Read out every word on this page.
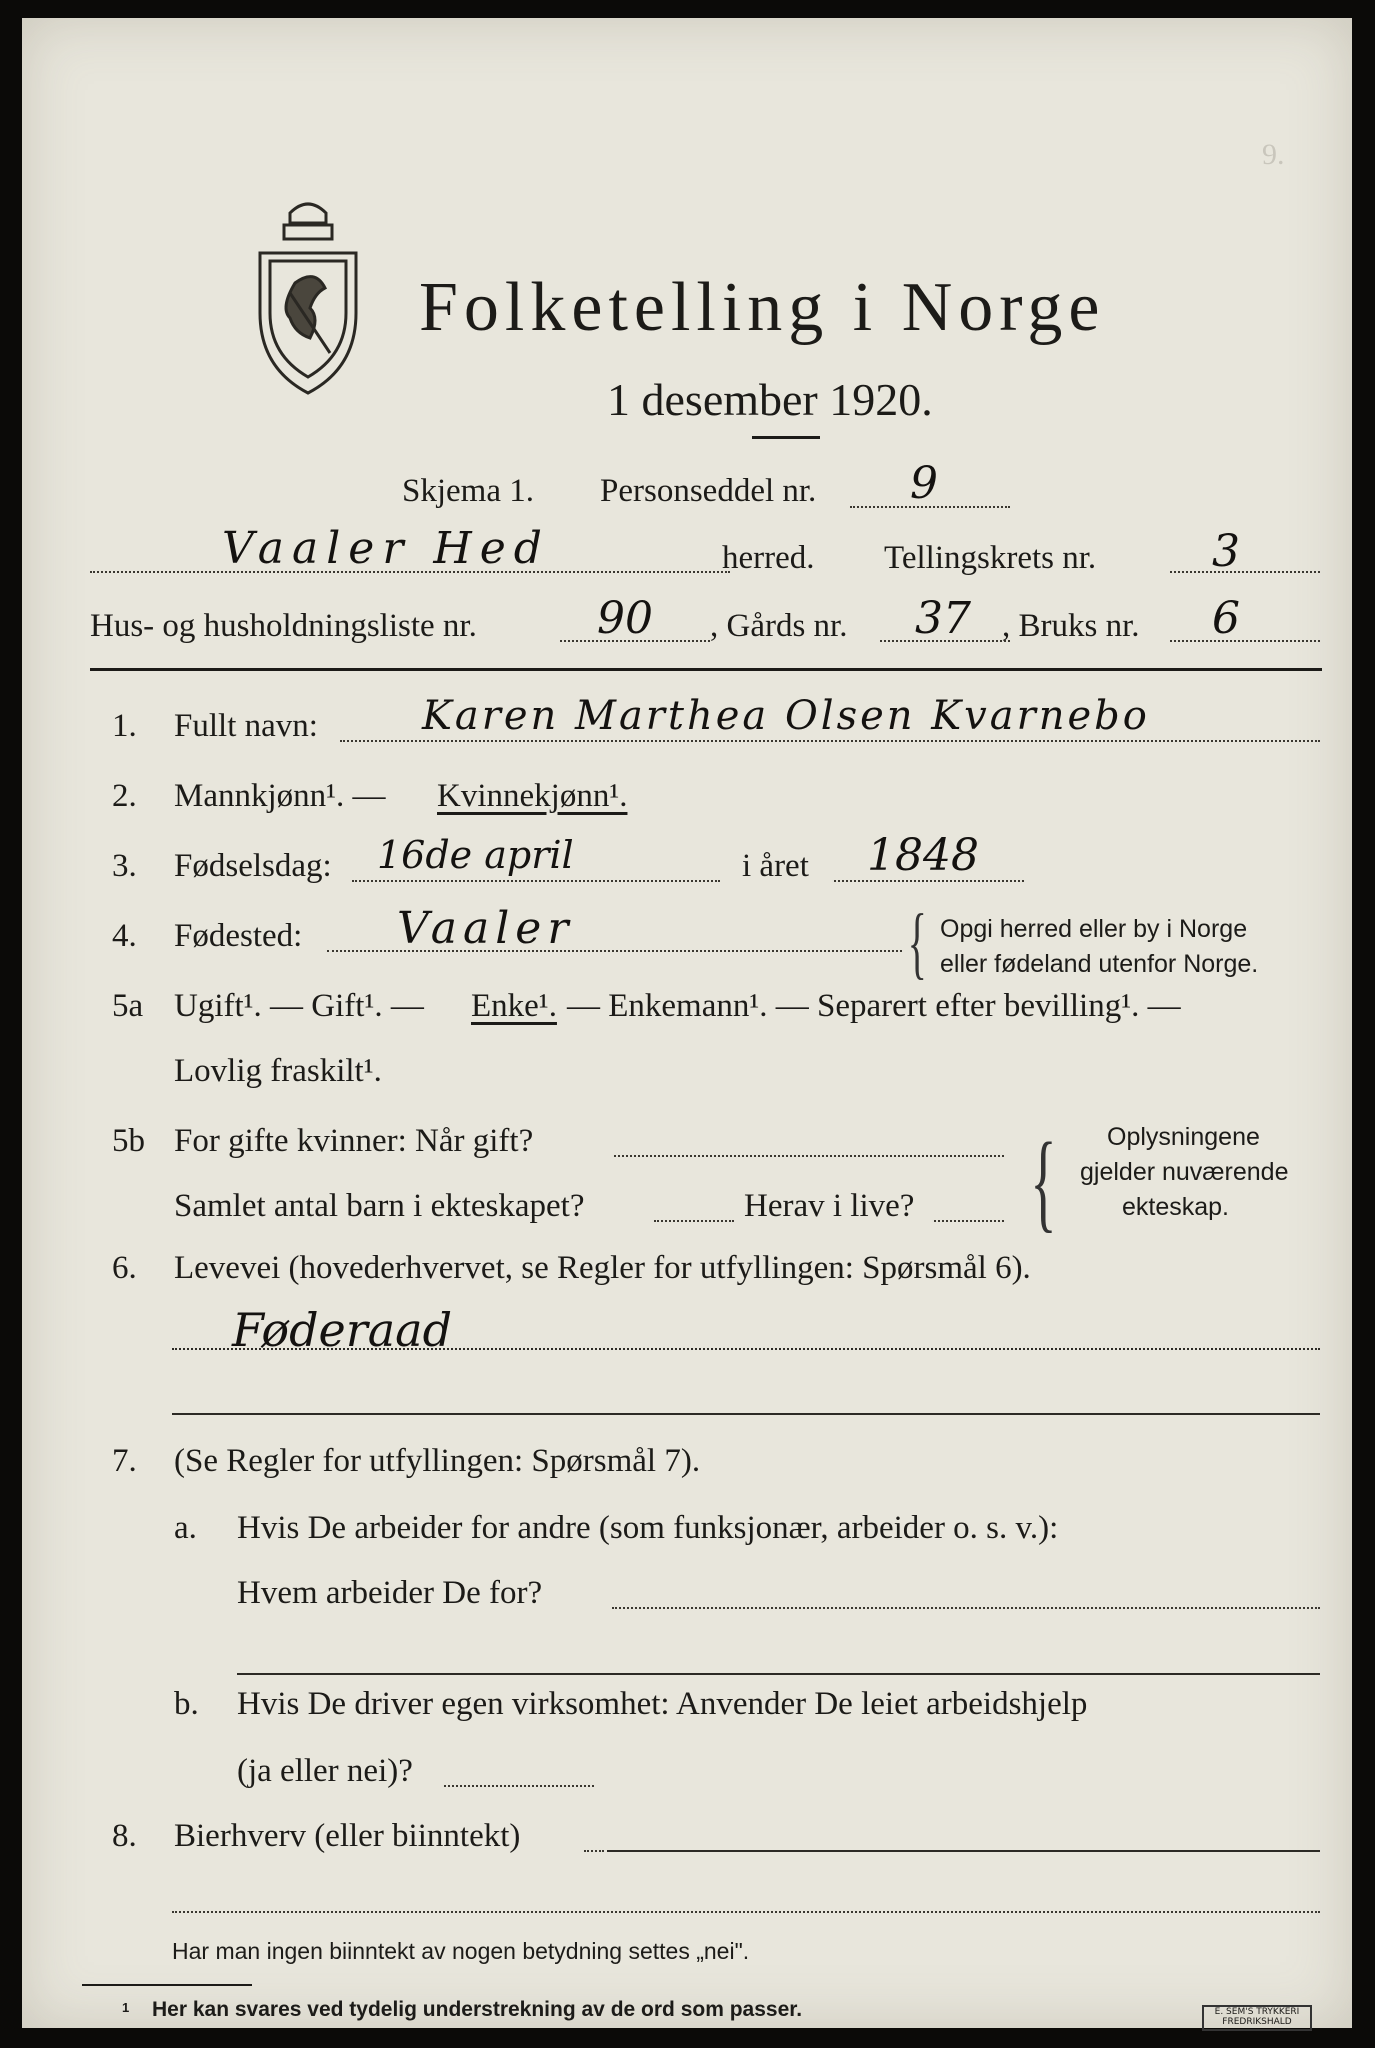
9.
Folketelling i Norge
1 desember 1920.
Skjema 1. Personseddel nr. 9
Vaaler Hed	herred. Tellingskrets nr.	3
Hus- og husholdningsliste nr.	90 , Gårds nr. 37 , Bruks nr. 6
1. Fullt navn:	Karen Marthea Olsen Kvarnebo
2. Mannkjønn¹. — Kvinnekjønn¹.
3. Fødselsdag: 16de april	i året 1848
4. Fødested: Vaaler	{ Opgi herred eller by i Norge
eller fødeland utenfor Norge.
5a Ugift¹. — Gift¹. — Enke¹. — Enkemann¹. — Separert efter bevilling¹. —
Lovlig fraskilt¹.
5b For gifte kvinner: Når gift?
Samlet antal barn i ekteskapet?	Herav i live? { Oplysningene
gjelder nuværende
ekteskap.
6. Levevei (hovederhvervet, se Regler for utfyllingen: Spørsmål 6).
Føderaad
7. (Se Regler for utfyllingen: Spørsmål 7).
a. Hvis De arbeider for andre (som funksjonær, arbeider o. s. v.):
Hvem arbeider De for?
b. Hvis De driver egen virksomhet: Anvender De leiet arbeidshjelp
(ja eller nei)?
8. Bierhverv (eller biinntekt)
Har man ingen biinntekt av nogen betydning settes „nei".
1 Her kan svares ved tydelig understrekning av de ord som passer.	E. SEM'S TRYKKERI FREDRIKSHALD
